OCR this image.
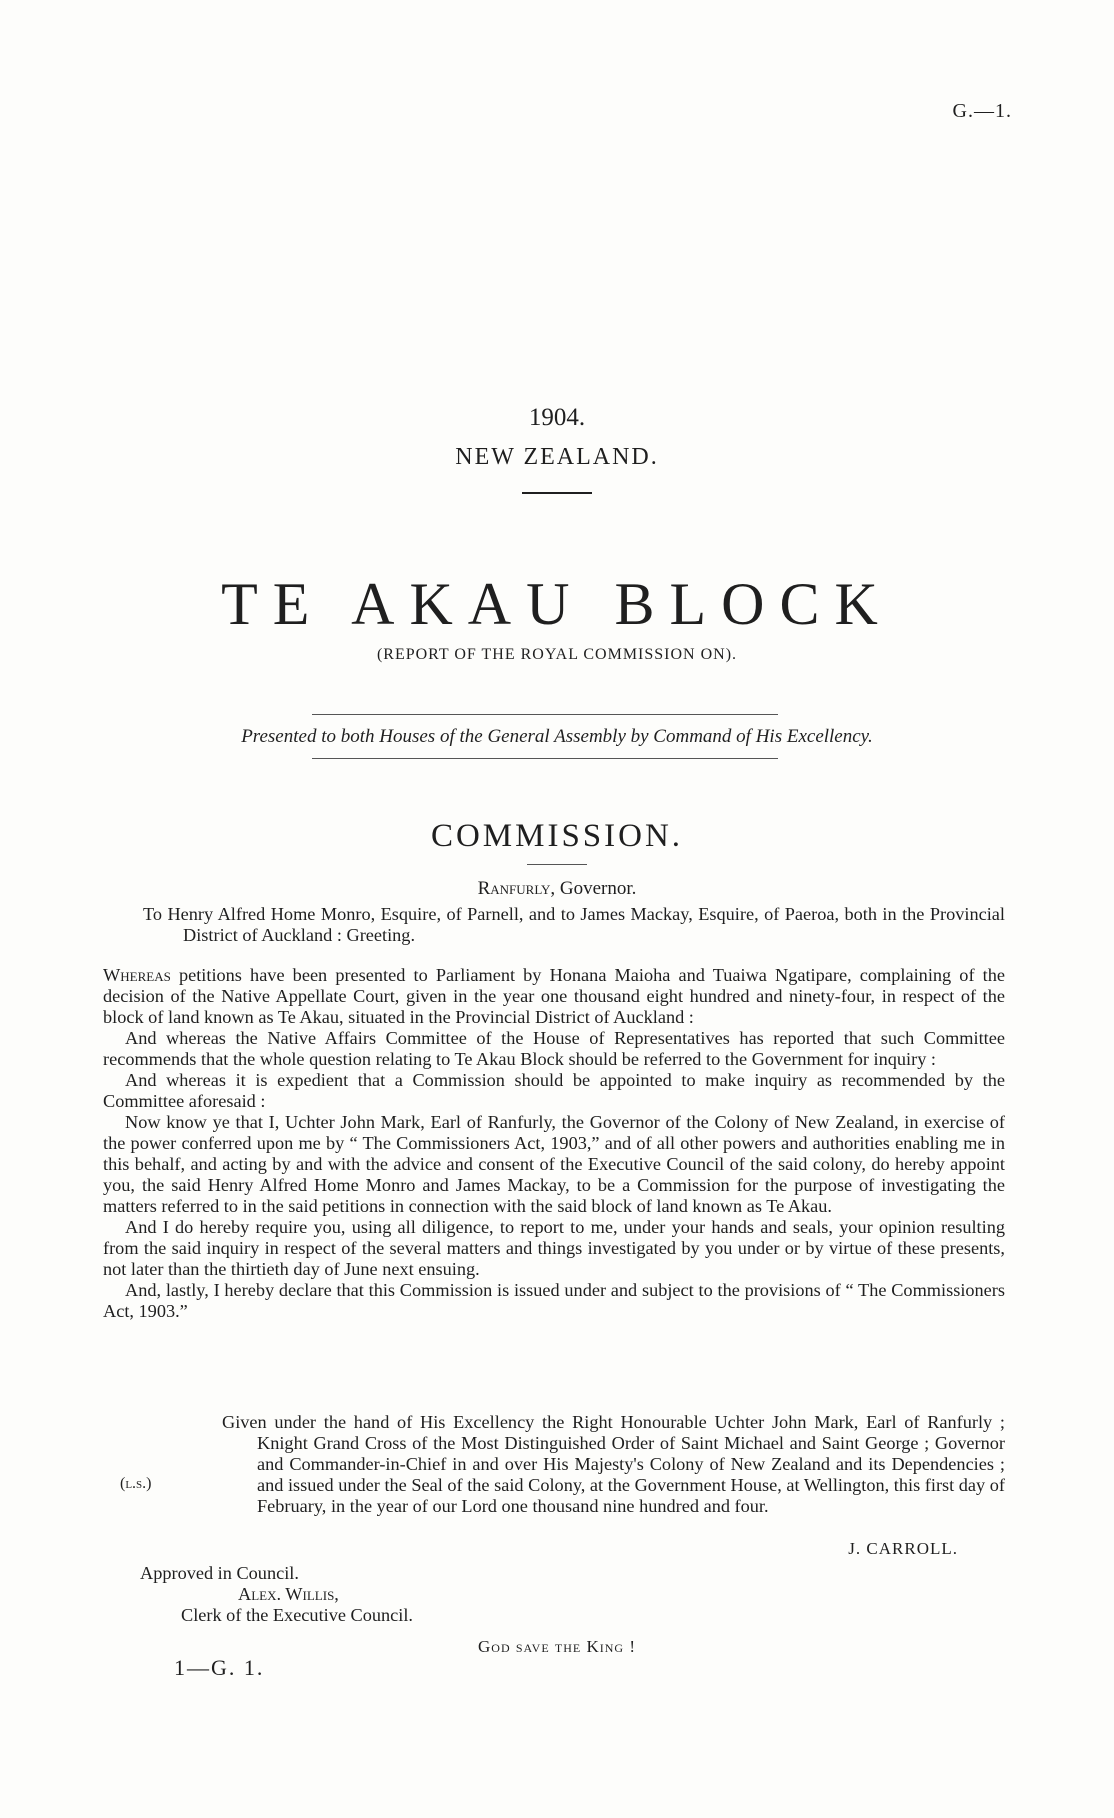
G.—1.
1904.
NEW ZEALAND.
TE AKAU BLOCK
(REPORT OF THE ROYAL COMMISSION ON).
Presented to both Houses of the General Assembly by Command of His Excellency.
COMMISSION.
Ranfurly, Governor.

To Henry Alfred Home Monro, Esquire, of Parnell, and to James Mackay, Esquire, of Paeroa, both in the Provincial District of Auckland : Greeting.

Whereas petitions have been presented to Parliament by Honana Maioha and Tuaiwa Ngatipare, complaining of the decision of the Native Appellate Court, given in the year one thousand eight hundred and ninety-four, in respect of the block of land known as Te Akau, situated in the Provincial District of Auckland :

And whereas the Native Affairs Committee of the House of Representatives has reported that such Committee recommends that the whole question relating to Te Akau Block should be referred to the Government for inquiry :

And whereas it is expedient that a Commission should be appointed to make inquiry as recommended by the Committee aforesaid :

Now know ye that I, Uchter John Mark, Earl of Ranfurly, the Governor of the Colony of New Zealand, in exercise of the power conferred upon me by “ The Commissioners Act, 1903,” and of all other powers and authorities enabling me in this behalf, and acting by and with the advice and consent of the Executive Council of the said colony, do hereby appoint you, the said Henry Alfred Home Monro and James Mackay, to be a Commission for the purpose of investigating the matters referred to in the said petitions in connection with the said block of land known as Te Akau.

And I do hereby require you, using all diligence, to report to me, under your hands and seals, your opinion resulting from the said inquiry in respect of the several matters and things investigated by you under or by virtue of these presents, not later than the thirtieth day of June next ensuing.

And, lastly, I hereby declare that this Commission is issued under and subject to the provisions of “ The Commissioners Act, 1903.”

Given under the hand of His Excellency the Right Honourable Uchter John Mark, Earl of Ranfurly ; Knight Grand Cross of the Most Distinguished Order of Saint Michael and Saint George ; Governor and Commander-in-Chief in and over His Majesty's Colony of New Zealand and its Dependencies ; and issued under the Seal of the said Colony, at the Government House, at Wellington, this first day of February, in the year of our Lord one thousand nine hundred and four.
(l.s.)
J. CARROLL.
Approved in Council.
Alex. Willis,
Clerk of the Executive Council.
God save the King !
1—G. 1.
